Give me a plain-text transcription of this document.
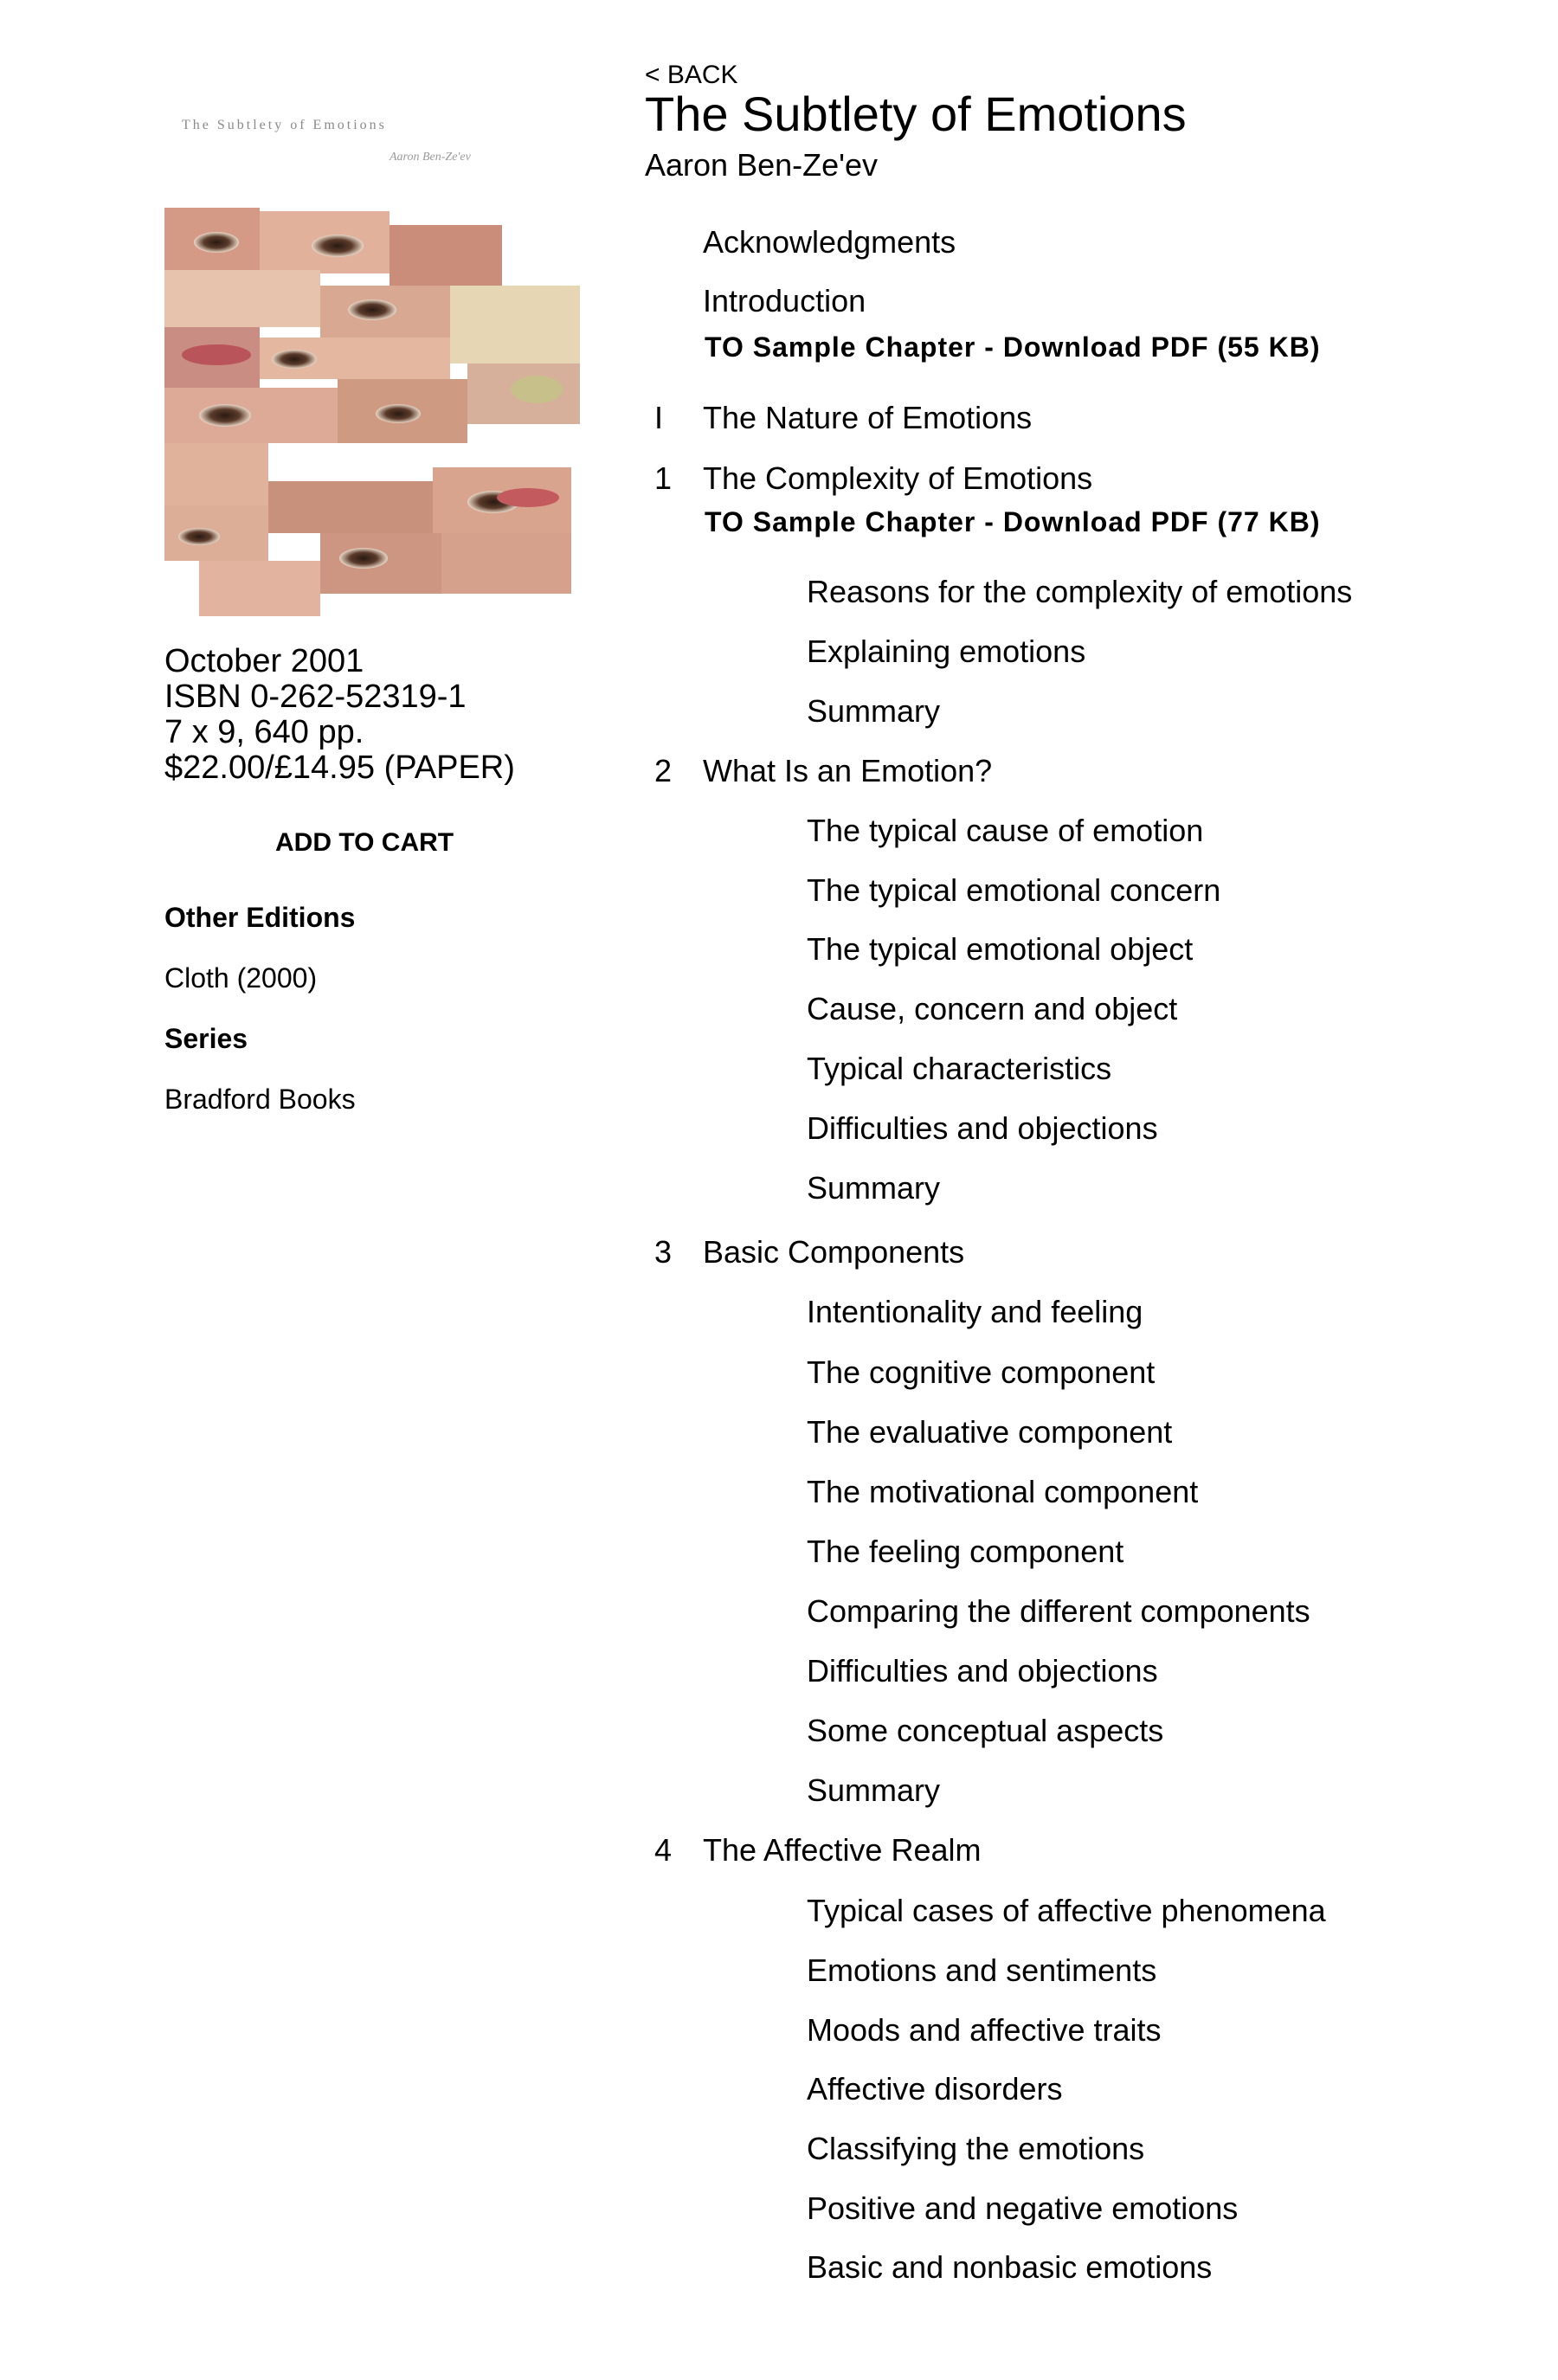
The Subtlety of Emotions
Aaron Ben-Ze'ev
October 2001
ISBN 0-262-52319-1
7 x 9, 640 pp.
$22.00/£14.95 (PAPER)
ADD TO CART
Other Editions
Cloth (2000)
Series
Bradford Books
< BACK
The Subtlety of Emotions
Aaron Ben-Ze'ev
Acknowledgments
Introduction
TO Sample Chapter - Download PDF (55 KB)
I The Nature of Emotions
1 The Complexity of Emotions
TO Sample Chapter - Download PDF (77 KB)
Reasons for the complexity of emotions
Explaining emotions
Summary
2 What Is an Emotion?
The typical cause of emotion
The typical emotional concern
The typical emotional object
Cause, concern and object
Typical characteristics
Difficulties and objections
Summary
3 Basic Components
Intentionality and feeling
The cognitive component
The evaluative component
The motivational component
The feeling component
Comparing the different components
Difficulties and objections
Some conceptual aspects
Summary
4 The Affective Realm
Typical cases of affective phenomena
Emotions and sentiments
Moods and affective traits
Affective disorders
Classifying the emotions
Positive and negative emotions
Basic and nonbasic emotions
